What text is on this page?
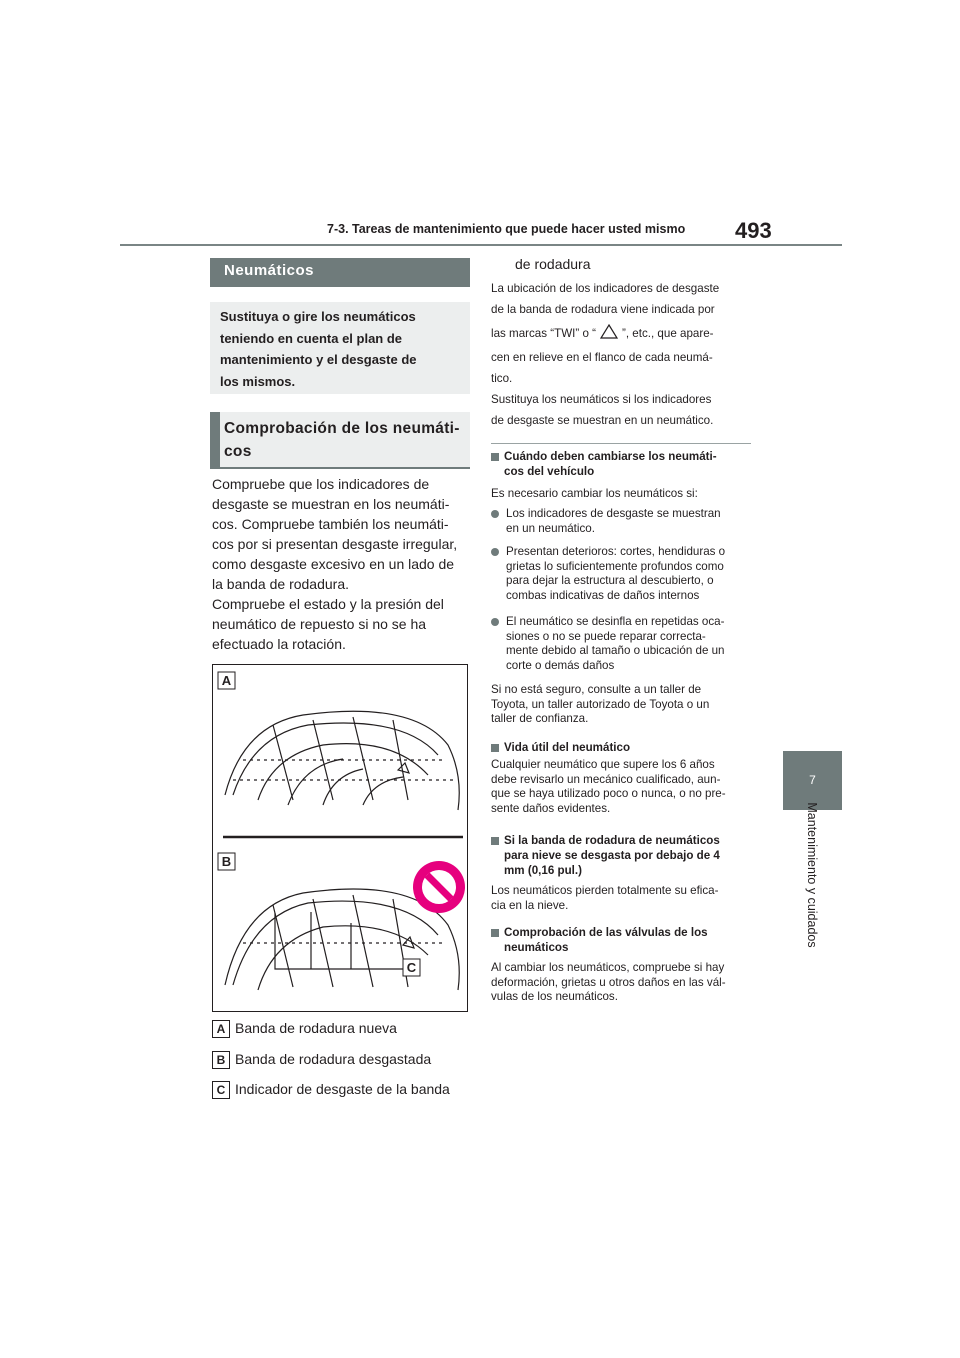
7-3. Tareas de mantenimiento que puede hacer usted mismo 493
7
Mantenimiento y cuidados
Neumáticos
Sustituya o gire los neumáticos
teniendo en cuenta el plan de
mantenimiento y el desgaste de
los mismos.
Comprobación de los neumáti-
cos
Compruebe que los indicadores de
desgaste se muestran en los neumáti-
cos. Compruebe también los neumáti-
cos por si presentan desgaste irregular,
como desgaste excesivo en un lado de
la banda de rodadura.
Compruebe el estado y la presión del
neumático de repuesto si no se ha
efectuado la rotación.
A
B
C
A Banda de rodadura nueva
B Banda de rodadura desgastada
C Indicador de desgaste de la banda
de rodadura
La ubicación de los indicadores de desgaste
de la banda de rodadura viene indicada por
las marcas “TWI” o “ ”, etc., que apare-
cen en relieve en el flanco de cada neumá-
tico.
Sustituya los neumáticos si los indicadores
de desgaste se muestran en un neumático.
Cuándo deben cambiarse los neumáti-
cos del vehículo
Es necesario cambiar los neumáticos si:
Los indicadores de desgaste se muestran
en un neumático.
Presentan deterioros: cortes, hendiduras o
grietas lo suficientemente profundos como
para dejar la estructura al descubierto, o
combas indicativas de daños internos
El neumático se desinfla en repetidas oca-
siones o no se puede reparar correcta-
mente debido al tamaño o ubicación de un
corte o demás daños
Si no está seguro, consulte a un taller de
Toyota, un taller autorizado de Toyota o un
taller de confianza.
Vida útil del neumático
Cualquier neumático que supere los 6 años
debe revisarlo un mecánico cualificado, aun-
que se haya utilizado poco o nunca, o no pre-
sente daños evidentes.
Si la banda de rodadura de neumáticos
para nieve se desgasta por debajo de 4
mm (0,16 pul.)
Los neumáticos pierden totalmente su efica-
cia en la nieve.
Comprobación de las válvulas de los
neumáticos
Al cambiar los neumáticos, compruebe si hay
deformación, grietas u otros daños en las vál-
vulas de los neumáticos.
